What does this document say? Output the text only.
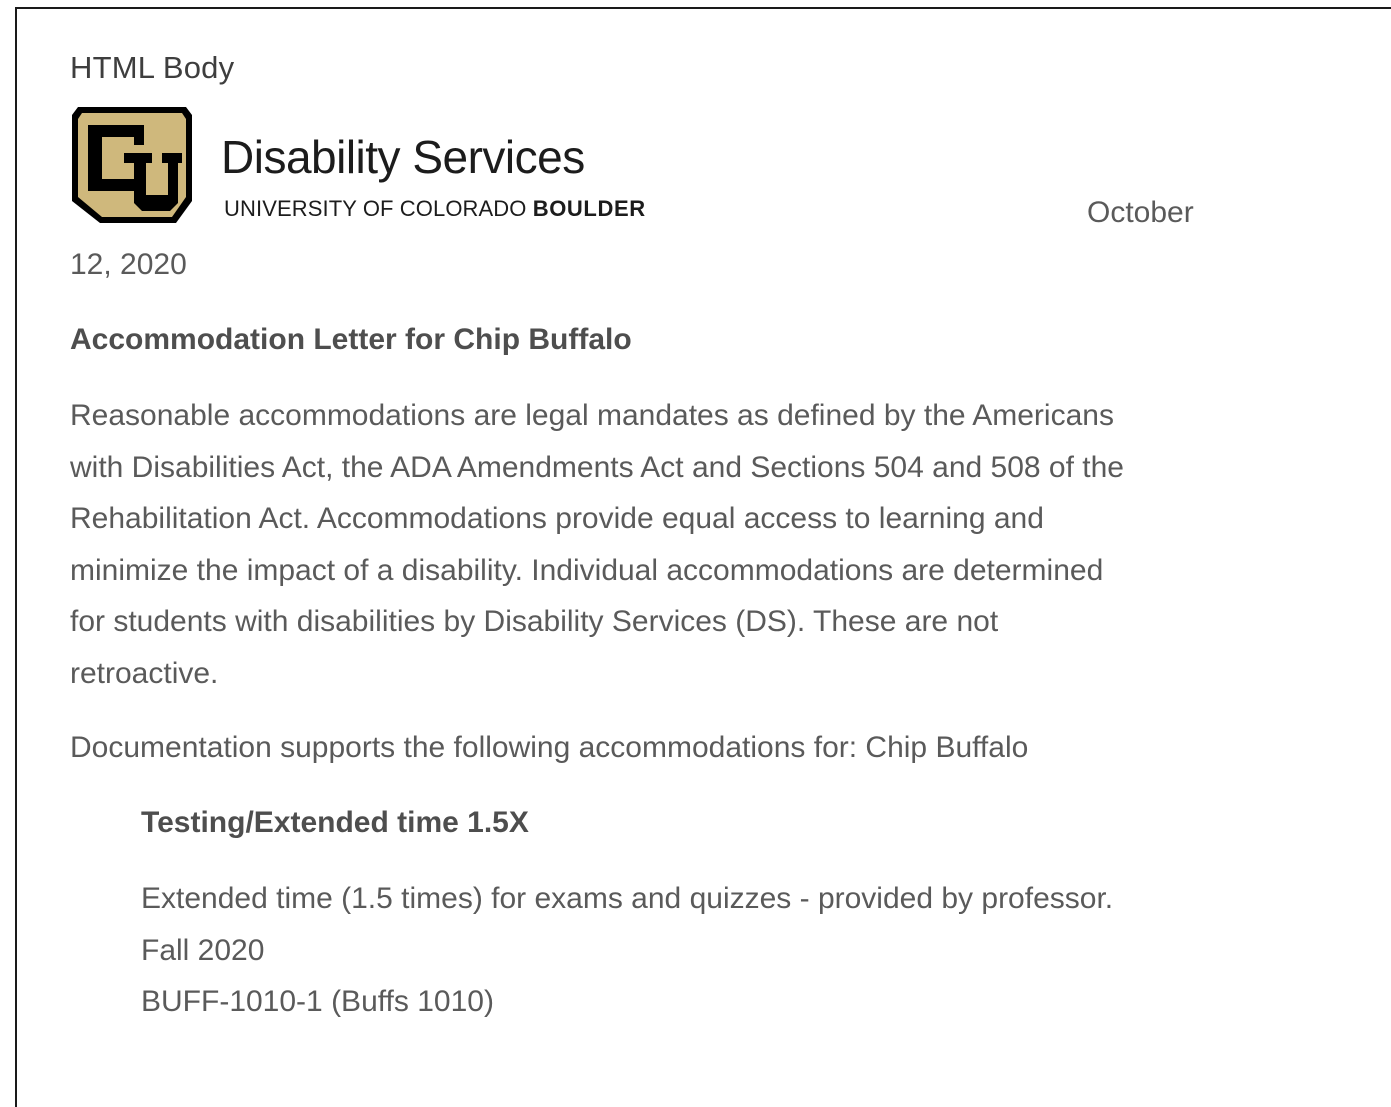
HTML Body
Disability Services
UNIVERSITY OF COLORADO BOULDER	October
12, 2020
Accommodation Letter for Chip Buffalo
Reasonable accommodations are legal mandates as defined by the Americans
with Disabilities Act, the ADA Amendments Act and Sections 504 and 508 of the
Rehabilitation Act. Accommodations provide equal access to learning and
minimize the impact of a disability. Individual accommodations are determined
for students with disabilities by Disability Services (DS). These are not
retroactive.
Documentation supports the following accommodations for: Chip Buffalo
Testing/Extended time 1.5X
Extended time (1.5 times) for exams and quizzes - provided by professor.
Fall 2020
BUFF-1010-1 (Buffs 1010)
